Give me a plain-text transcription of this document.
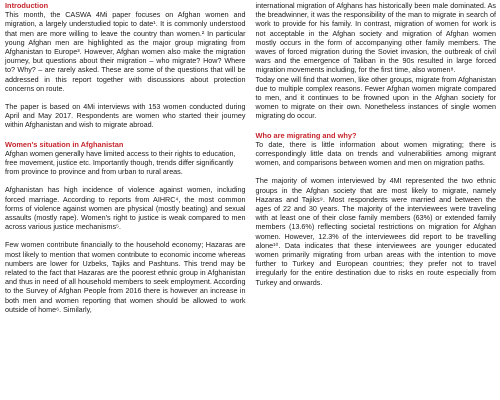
Introduction

This month, the CASWA 4Mi paper focuses on Afghan women and migration, a largely understudied topic to date¹. It is commonly understood that men are more willing to leave the country than women.² In particular young Afghan men are highlighted as the major group migrating from Afghanistan to Europe³. However, Afghan women also make the migration journey, but questions about their migration – who migrate? How? Where to? Why? – are rarely asked. These are some of the questions that will be addressed in this report together with discussions about protection concerns on route.

The paper is based on 4Mi interviews with 153 women conducted during April and May 2017. Respondents are women who started their journey within Afghanistan and wish to migrate abroad.

Women's situation in Afghanistan

Afghan women generally have limited access to their rights to education, free movement, justice etc. Importantly though, trends differ significantly from province to province and from urban to rural areas.

Afghanistan has high incidence of violence against women, including forced marriage. According to reports from AIHRC⁴, the most common forms of violence against women are physical (mostly beating) and sexual assaults (mostly rape). Women's right to justice is weak compared to men across various justice mechanisms⁵.

Few women contribute financially to the household economy; Hazaras are most likely to mention that women contribute to economic income whereas numbers are lower for Uzbeks, Tajiks and Pashtuns. This trend may be related to the fact that Hazaras are the poorest ethnic group in Afghanistan and thus in need of all household members to seek employment. According to the Survey of Afghan People from 2016 there is however an increase in both men and women reporting that women should be allowed to work outside of home⁶. Similarly,

international migration of Afghans has historically been male dominated. As the breadwinner, it was the responsibility of the man to migrate in search of work to provide for his family. In contrast, migration of women for work is not acceptable in the Afghan society and migration of Afghan women mostly occurs in the form of accompanying other family members. The waves of forced migration during the Soviet invasion, the outbreak of civil wars and the emergence of Taliban in the 90s resulted in large forced migration movements including, for the first time, also women⁸.

Today one will find that women, like other groups, migrate from Afghanistan due to multiple complex reasons. Fewer Afghan women migrate compared to men, and it continues to be frowned upon in the Afghan society for women to migrate on their own. Nonetheless instances of single women migrating do occur.

Who are migrating and why?

To date, there is little information about women migrating; there is correspondingly little data on trends and vulnerabilities among migrant women, and comparisons between women and men on migration paths.

The majority of women interviewed by 4MI represented the two ethnic groups in the Afghan society that are most likely to migrate, namely Hazaras and Tajiks⁹. Most respondents were married and between the ages of 22 and 30 years. The majority of the interviewees were traveling with at least one of their close family members (63%) or extended family members (13.6%) reflecting societal restrictions on migration for Afghan women. However, 12.3% of the interviewees did report to be travelling alone¹⁰. Data indicates that these interviewees are younger educated women primarily migrating from urban areas with the intention to move further to Turkey and European countries; they prefer not to travel irregularly for the entire destination due to risks en route especially from Turkey and onwards.
